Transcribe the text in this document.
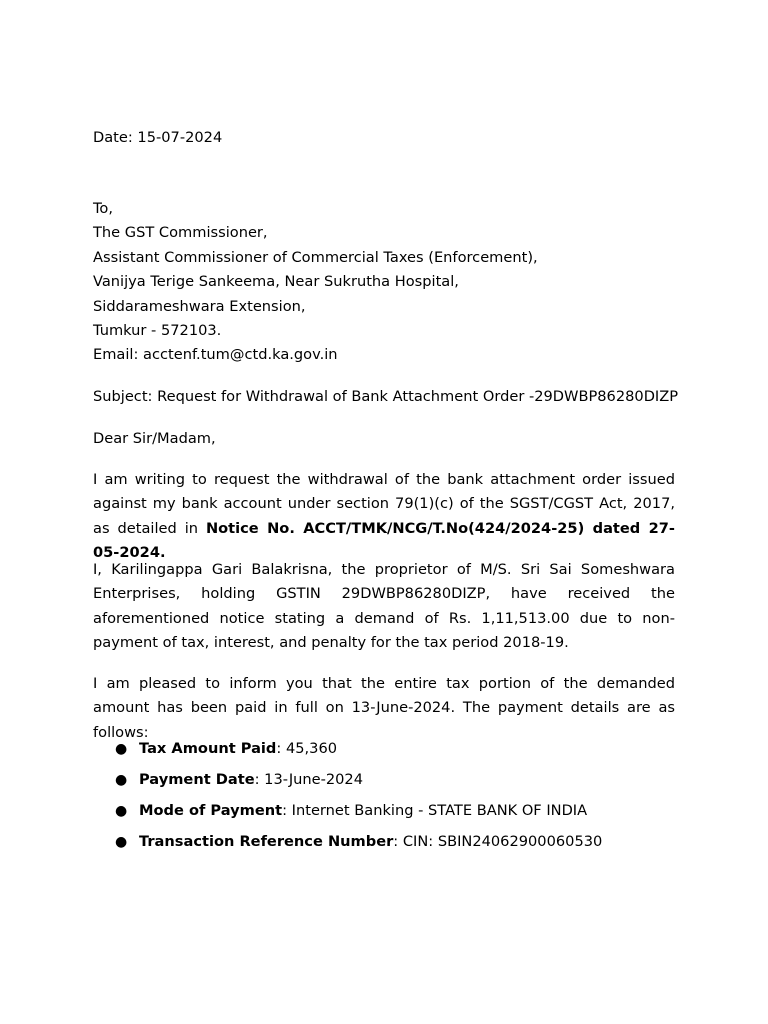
Date: 15-07-2024
To,
The GST Commissioner,
Assistant Commissioner of Commercial Taxes (Enforcement),
Vanijya Terige Sankeema, Near Sukrutha Hospital,
Siddarameshwara Extension,
Tumkur - 572103.
Email: acctenf.tum@ctd.ka.gov.in
Subject: Request for Withdrawal of Bank Attachment Order -29DWBP86280DIZP
Dear Sir/Madam,
I am writing to request the withdrawal of the bank attachment order issued against my bank account under section 79(1)(c) of the SGST/CGST Act, 2017, as detailed in Notice No. ACCT/TMK/NCG/T.No(424/2024-25) dated 27-05-2024.
I, Karilingappa Gari Balakrisna, the proprietor of M/S. Sri Sai Someshwara Enterprises, holding GSTIN 29DWBP86280DIZP, have received the aforementioned notice stating a demand of Rs. 1,11,513.00 due to non-payment of tax, interest, and penalty for the tax period 2018-19.
I am pleased to inform you that the entire tax portion of the demanded amount has been paid in full on 13-June-2024. The payment details are as follows:
● Tax Amount Paid: 45,360
● Payment Date: 13-June-2024
● Mode of Payment: Internet Banking - STATE BANK OF INDIA
● Transaction Reference Number: CIN: SBIN24062900060530
